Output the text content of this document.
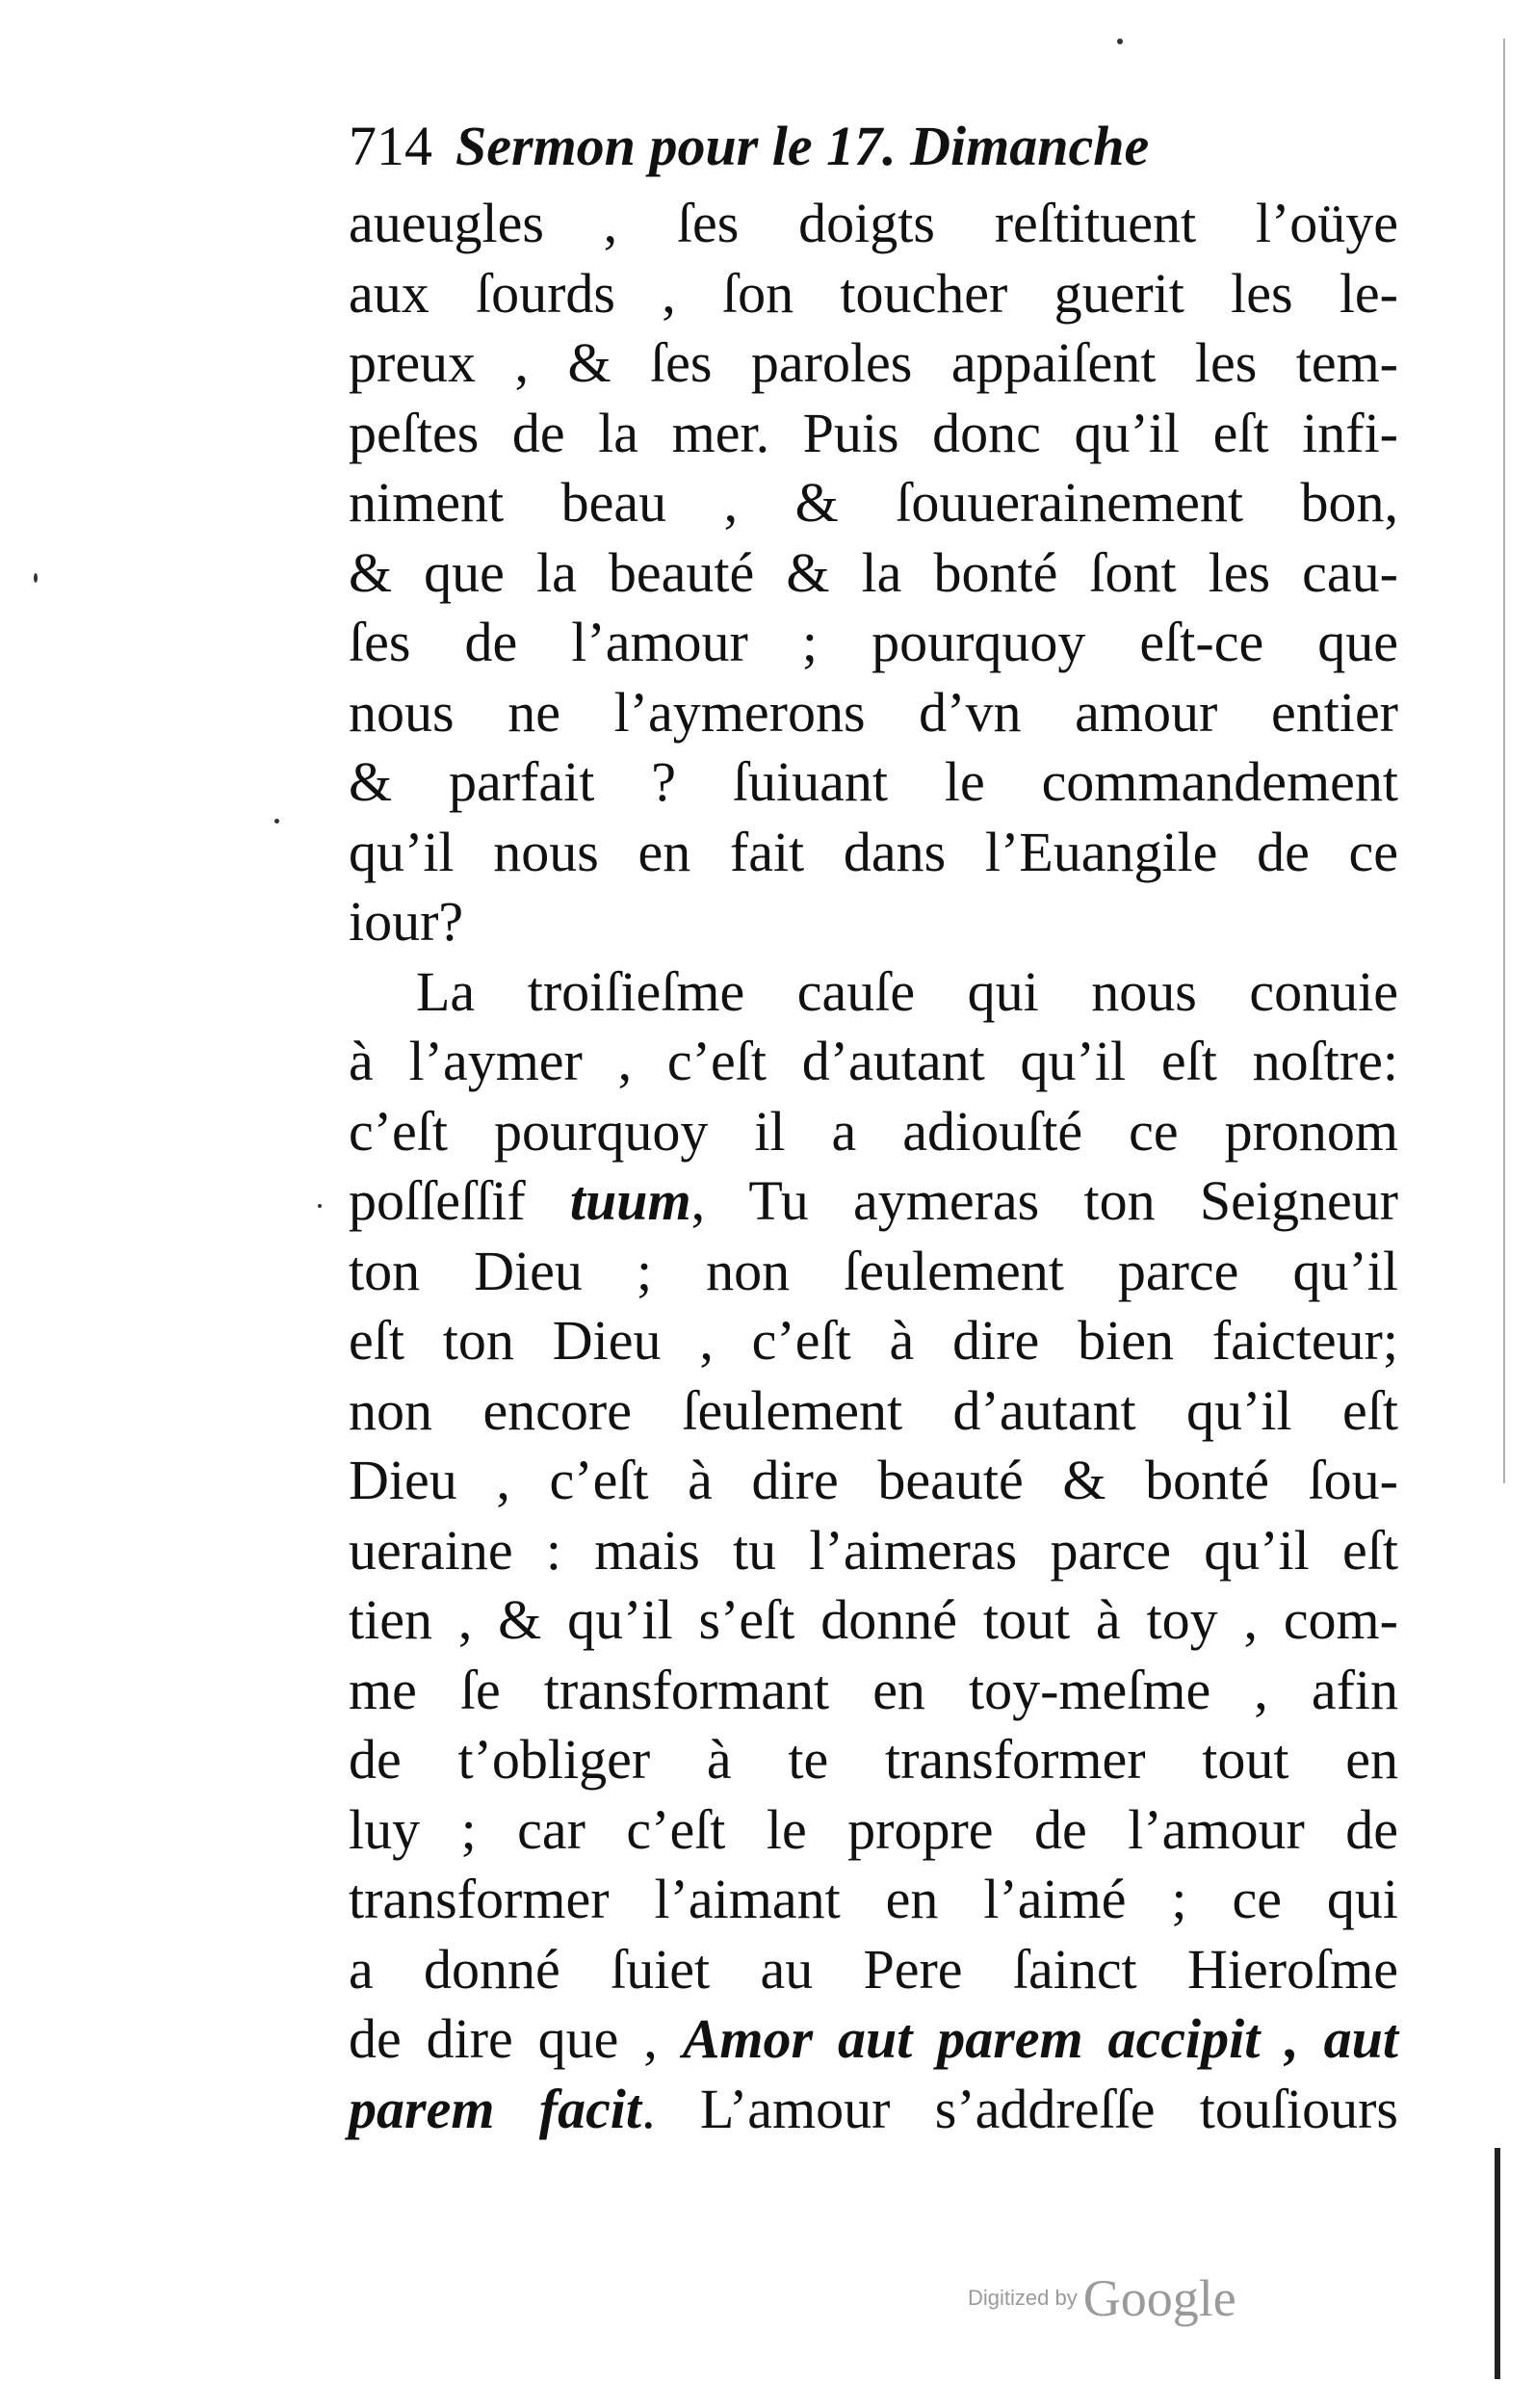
714 Sermon pour le 17. Dimanche
aueugles , ſes doigts reſtituent l’oüye
aux ſourds , ſon toucher guerit les le-
preux , & ſes paroles appaiſent les tem-
peſtes de la mer. Puis donc qu’il eſt infi-
niment beau , & ſouuerainement bon,
& que la beauté & la bonté ſont les cau-
ſes de l’amour ; pourquoy eſt-ce que
nous ne l’aymerons d’vn amour entier
& parfait ? ſuiuant le commandement
qu’il nous en fait dans l’Euangile de ce
iour?
La troiſieſme cauſe qui nous conuie
à l’aymer , c’eſt d’autant qu’il eſt noſtre:
c’eſt pourquoy il a adiouſté ce pronom
poſſeſſif tuum, Tu aymeras ton Seigneur
ton Dieu ; non ſeulement parce qu’il
eſt ton Dieu , c’eſt à dire bien faicteur;
non encore ſeulement d’autant qu’il eſt
Dieu , c’eſt à dire beauté & bonté ſou-
ueraine : mais tu l’aimeras parce qu’il eſt
tien , & qu’il s’eſt donné tout à toy , com-
me ſe transformant en toy-meſme , afin
de t’obliger à te transformer tout en
luy ; car c’eſt le propre de l’amour de
transformer l’aimant en l’aimé ; ce qui
a donné ſuiet au Pere ſainct Hieroſme
de dire que , Amor aut parem accipit , aut
parem facit. L’amour s’addreſſe touſiours
Digitized by Google
